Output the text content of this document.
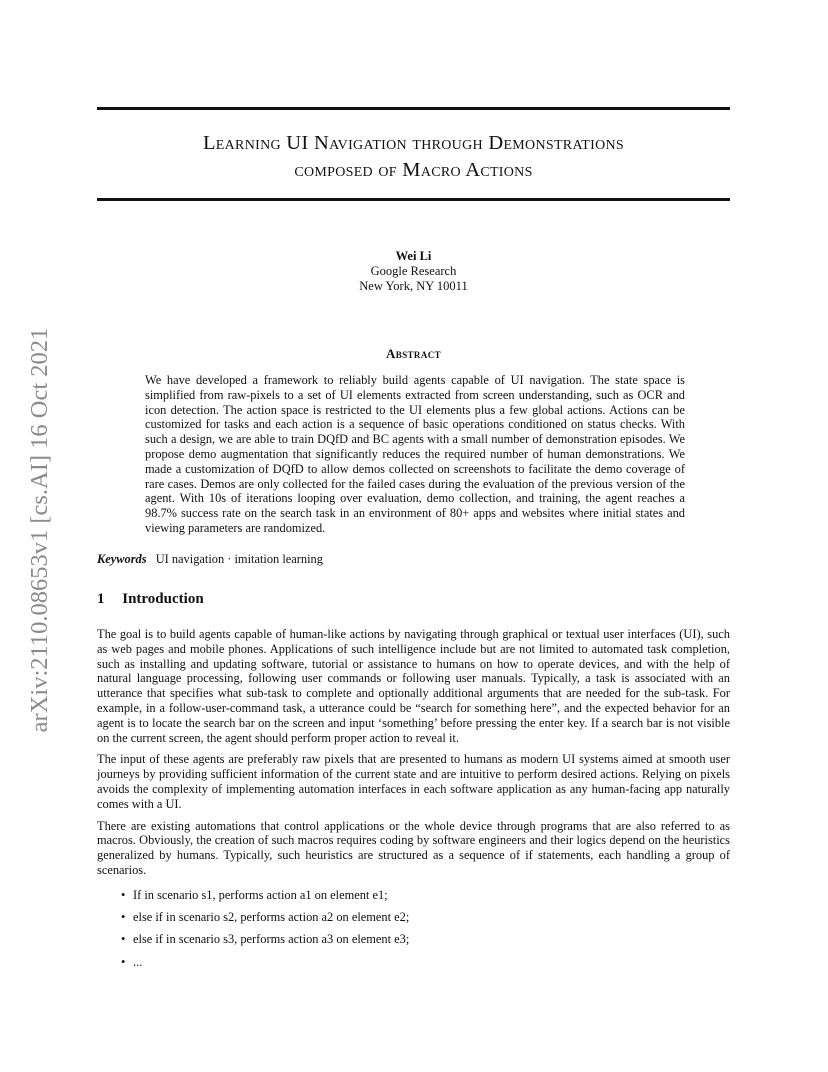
arXiv:2110.08653v1 [cs.AI] 16 Oct 2021
Learning UI Navigation through Demonstrations
composed of Macro Actions
Wei Li
Google Research
New York, NY 10011
Abstract
We have developed a framework to reliably build agents capable of UI navigation. The state space is simplified from raw-pixels to a set of UI elements extracted from screen understanding, such as OCR and icon detection. The action space is restricted to the UI elements plus a few global actions. Actions can be customized for tasks and each action is a sequence of basic operations conditioned on status checks. With such a design, we are able to train DQfD and BC agents with a small number of demonstration episodes. We propose demo augmentation that significantly reduces the required number of human demonstrations. We made a customization of DQfD to allow demos collected on screenshots to facilitate the demo coverage of rare cases. Demos are only collected for the failed cases during the evaluation of the previous version of the agent. With 10s of iterations looping over evaluation, demo collection, and training, the agent reaches a 98.7% success rate on the search task in an environment of 80+ apps and websites where initial states and viewing parameters are randomized.
Keywords UI navigation · imitation learning
1 Introduction

The goal is to build agents capable of human-like actions by navigating through graphical or textual user interfaces (UI), such as web pages and mobile phones. Applications of such intelligence include but are not limited to automated task completion, such as installing and updating software, tutorial or assistance to humans on how to operate devices, and with the help of natural language processing, following user commands or following user manuals. Typically, a task is associated with an utterance that specifies what sub-task to complete and optionally additional arguments that are needed for the sub-task. For example, in a follow-user-command task, a utterance could be “search for something here”, and the expected behavior for an agent is to locate the search bar on the screen and input ‘something’ before pressing the enter key. If a search bar is not visible on the current screen, the agent should perform proper action to reveal it.

The input of these agents are preferably raw pixels that are presented to humans as modern UI systems aimed at smooth user journeys by providing sufficient information of the current state and are intuitive to perform desired actions. Relying on pixels avoids the complexity of implementing automation interfaces in each software application as any human-facing app naturally comes with a UI.

There are existing automations that control applications or the whole device through programs that are also referred to as macros. Obviously, the creation of such macros requires coding by software engineers and their logics depend on the heuristics generalized by humans. Typically, such heuristics are structured as a sequence of if statements, each handling a group of scenarios.

• If in scenario s1, performs action a1 on element e1;
• else if in scenario s2, performs action a2 on element e2;
• else if in scenario s3, performs action a3 on element e3;
• ...
